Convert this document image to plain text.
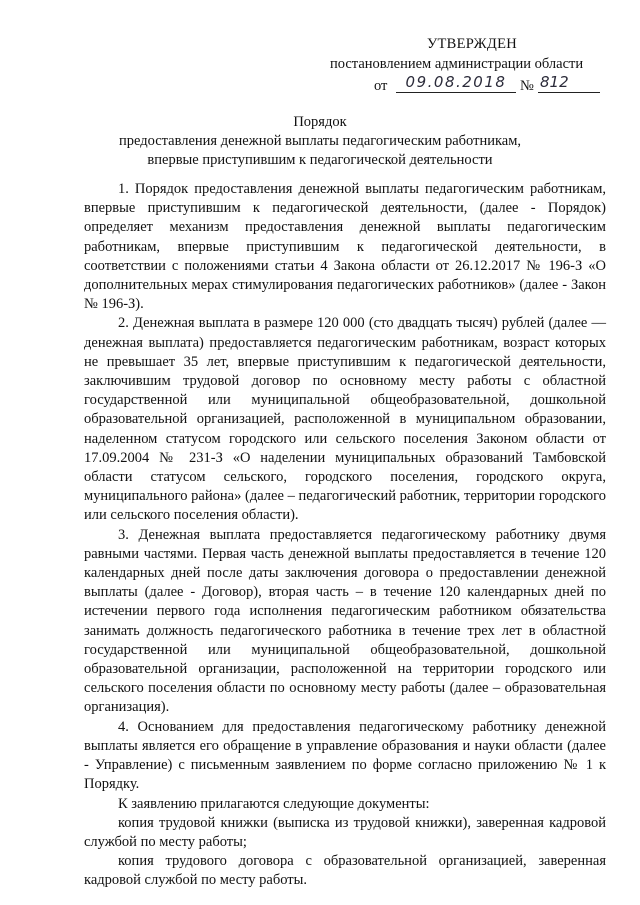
УТВЕРЖДЕН
постановлением администрации области
от	09.08.2018 № 812
Порядок
предоставления денежной выплаты педагогическим работникам,
впервые приступившим к педагогической деятельности

1. Порядок предоставления денежной выплаты педагогическим работникам, впервые приступившим к педагогической деятельности, (далее - Порядок) определяет механизм предоставления денежной выплаты педагогическим работникам, впервые приступившим к педагогической деятельности, в соответствии с положениями статьи 4 Закона области от 26.12.2017 № 196-З «О дополнительных мерах стимулирования педагогических работников» (далее - Закон № 196-З).

2. Денежная выплата в размере 120 000 (сто двадцать тысяч) рублей (далее — денежная выплата) предоставляется педагогическим работникам, возраст которых не превышает 35 лет, впервые приступившим к педагогической деятельности, заключившим трудовой договор по основному месту работы с областной государственной или муниципальной общеобразовательной, дошкольной образовательной организацией, расположенной в муниципальном образовании, наделенном статусом городского или сельского поселения Законом области от 17.09.2004 № 231-З «О наделении муниципальных образований Тамбовской области статусом сельского, городского поселения, городского округа, муниципального района» (далее – педагогический работник, территории городского или сельского поселения области).

3. Денежная выплата предоставляется педагогическому работнику двумя равными частями. Первая часть денежной выплаты предоставляется в течение 120 календарных дней после даты заключения договора о предоставлении денежной выплаты (далее - Договор), вторая часть – в течение 120 календарных дней по истечении первого года исполнения педагогическим работником обязательства занимать должность педагогического работника в течение трех лет в областной государственной или муниципальной общеобразовательной, дошкольной образовательной организации, расположенной на территории городского или сельского поселения области по основному месту работы (далее – образовательная организация).

4. Основанием для предоставления педагогическому работнику денежной выплаты является его обращение в управление образования и науки области (далее - Управление) с письменным заявлением по форме согласно приложению № 1 к Порядку.

К заявлению прилагаются следующие документы:

копия трудовой книжки (выписка из трудовой книжки), заверенная кадровой службой по месту работы;

копия трудового договора с образовательной организацией, заверенная кадровой службой по месту работы.
